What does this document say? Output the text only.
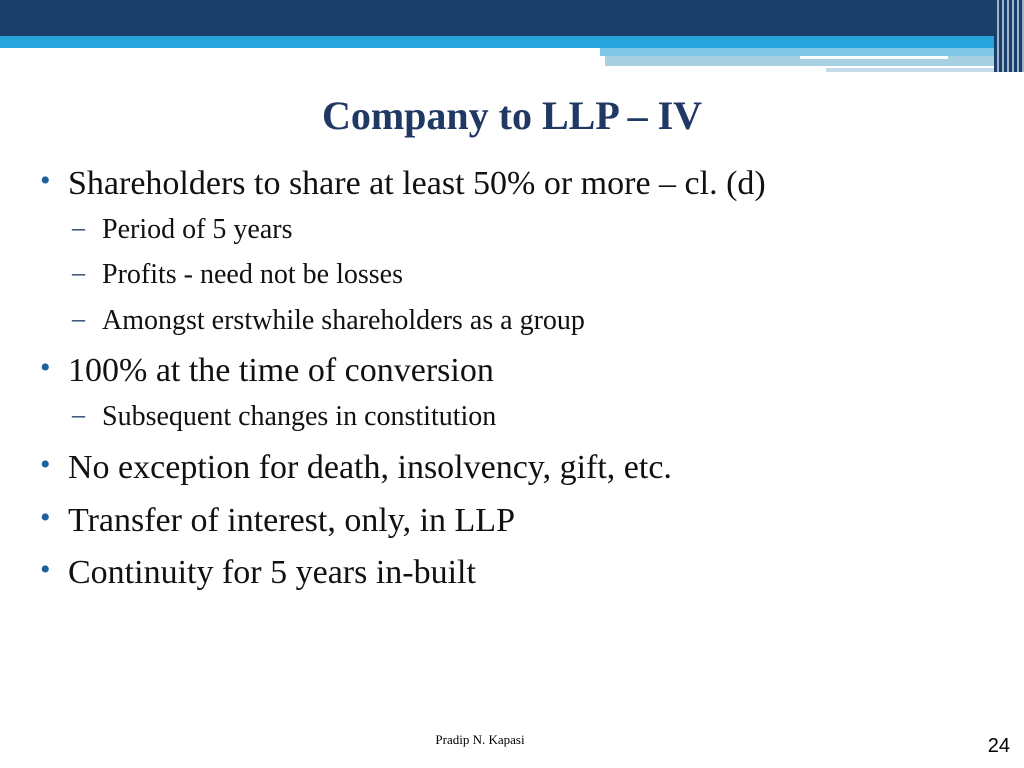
Company to LLP – IV
• Shareholders to share at least 50% or more – cl. (d)
– Period of 5 years
– Profits - need not be losses
– Amongst erstwhile shareholders as a group
• 100% at the time of conversion
– Subsequent changes in constitution
• No exception for death, insolvency, gift, etc.
• Transfer of interest, only, in LLP
• Continuity for 5 years in-built
Pradip N. Kapasi	24
